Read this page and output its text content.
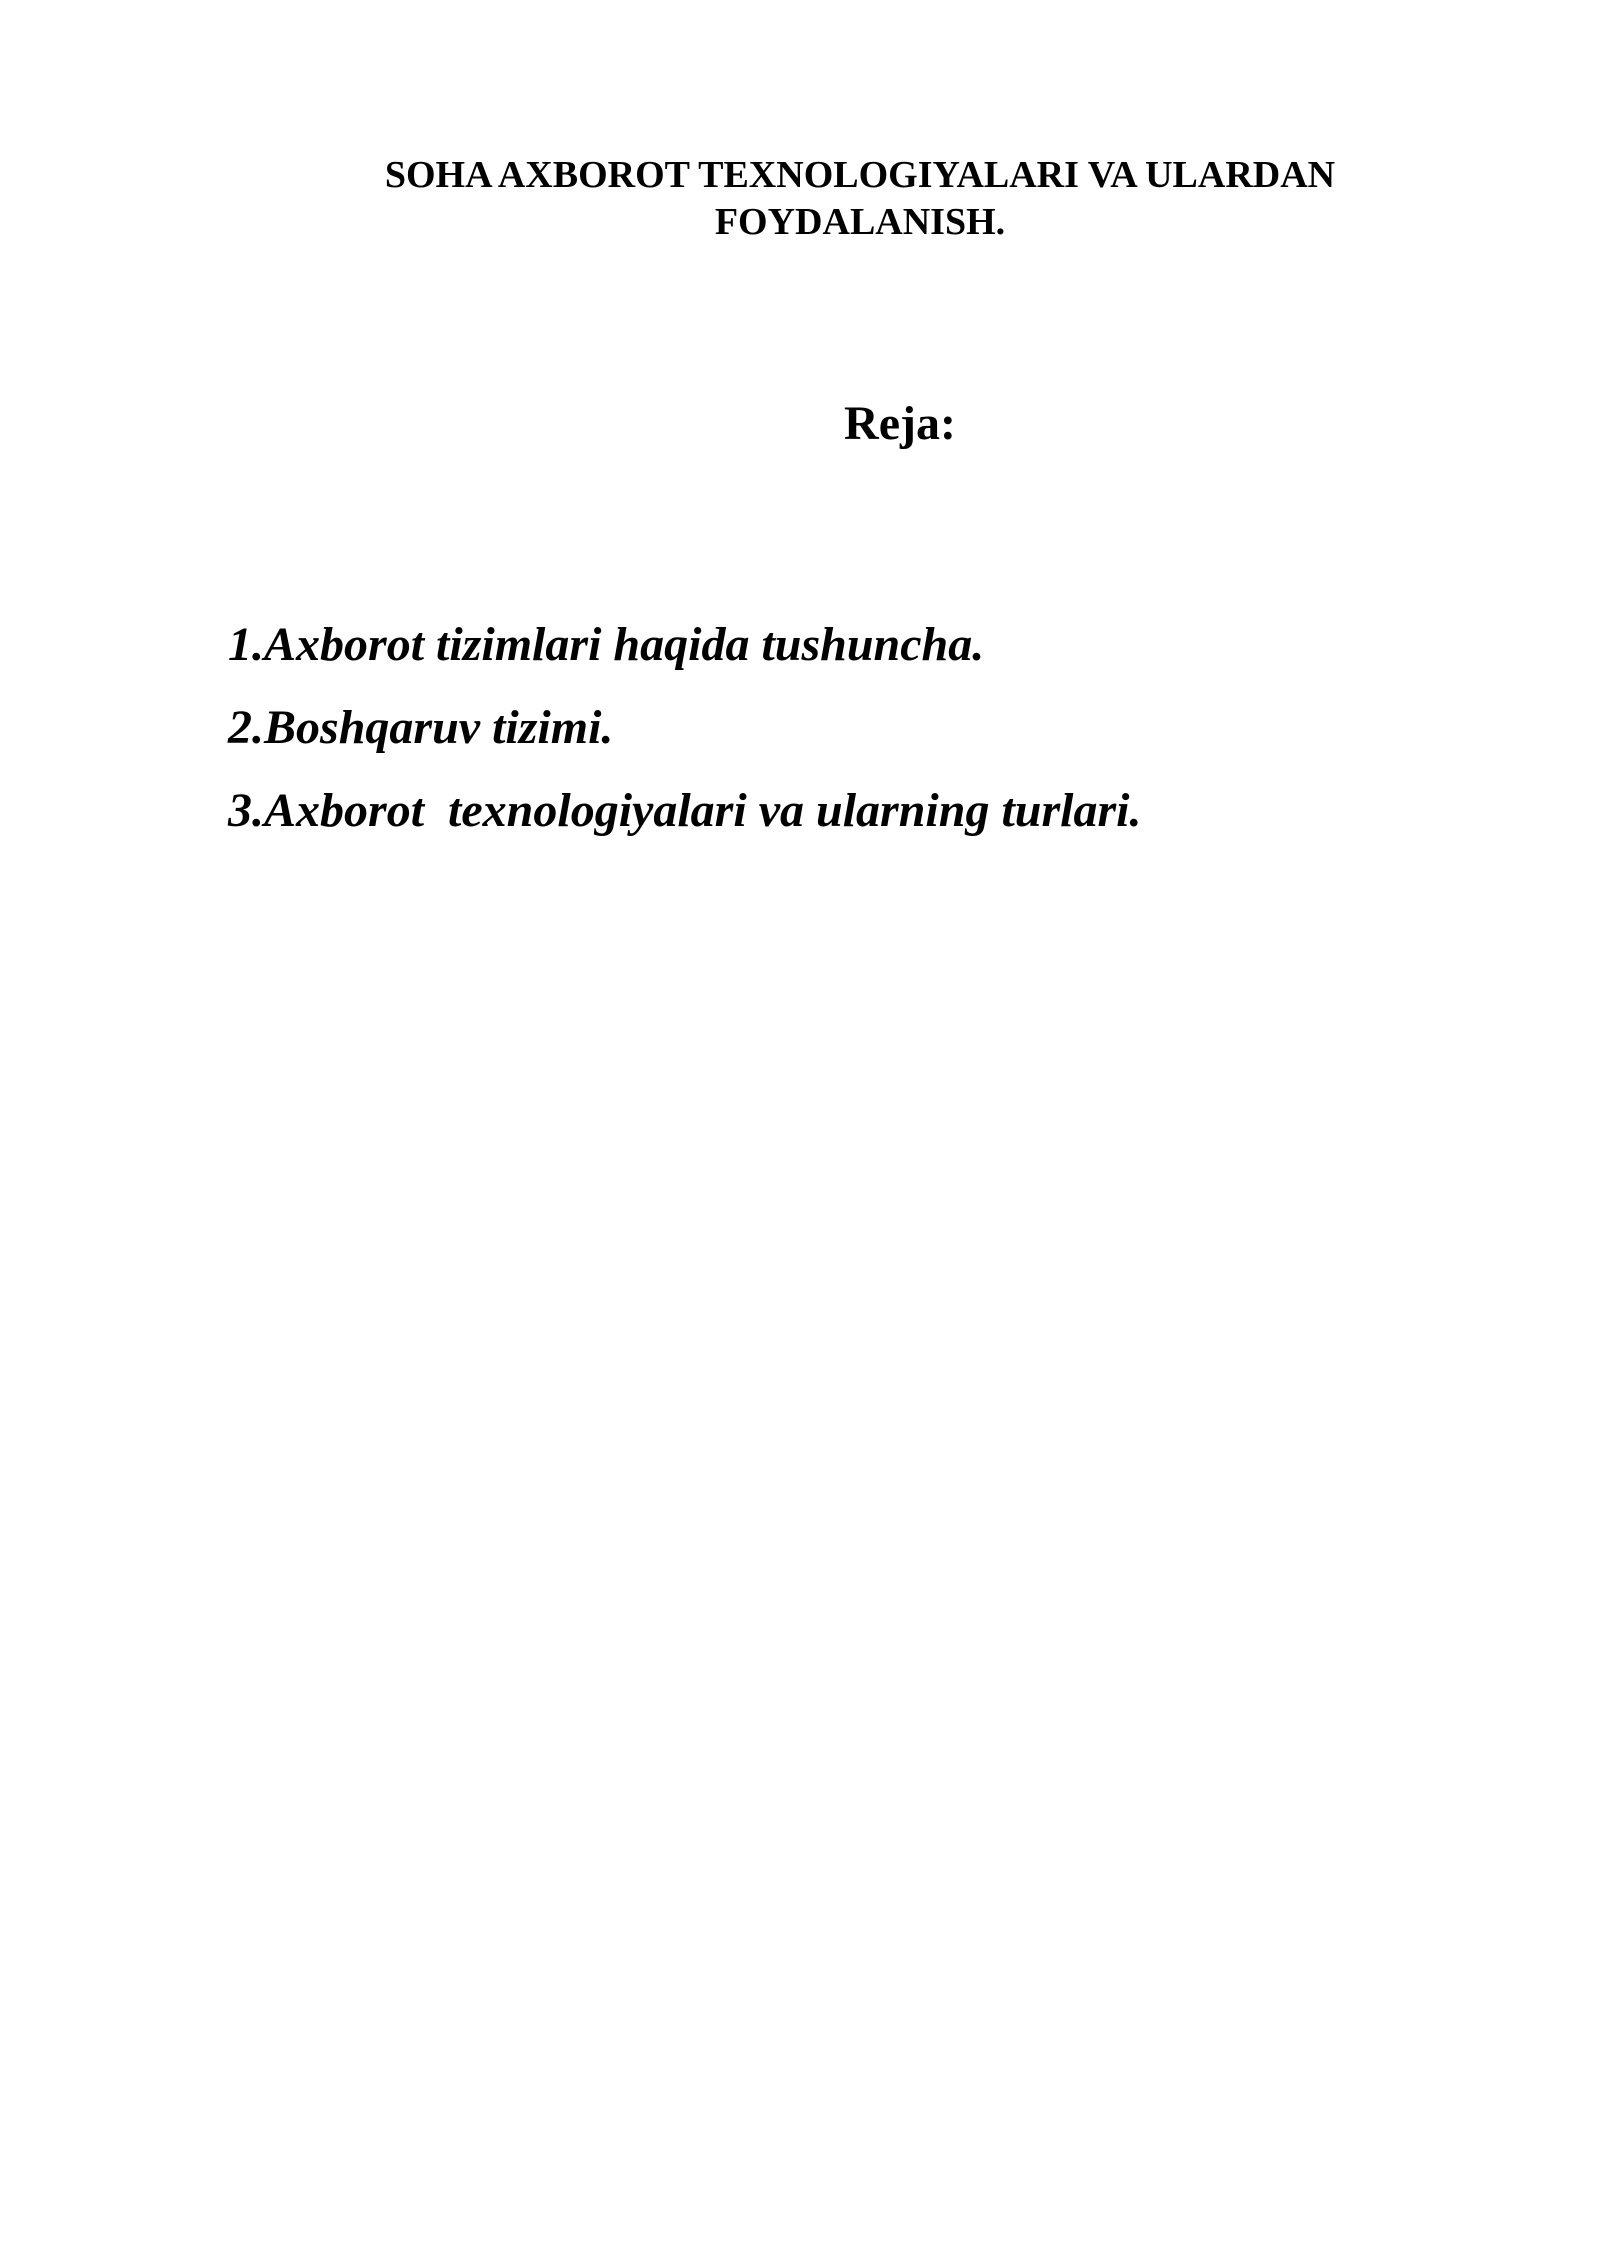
SOHA AXBOROT TEXNOLOGIYALARI VA ULARDAN
FOYDALANISH.
Reja:
1.Axborot tizimlari haqida tushuncha.
2.Boshqaruv tizimi.
3.Axborot  texnologiyalari va ularning turlari.
